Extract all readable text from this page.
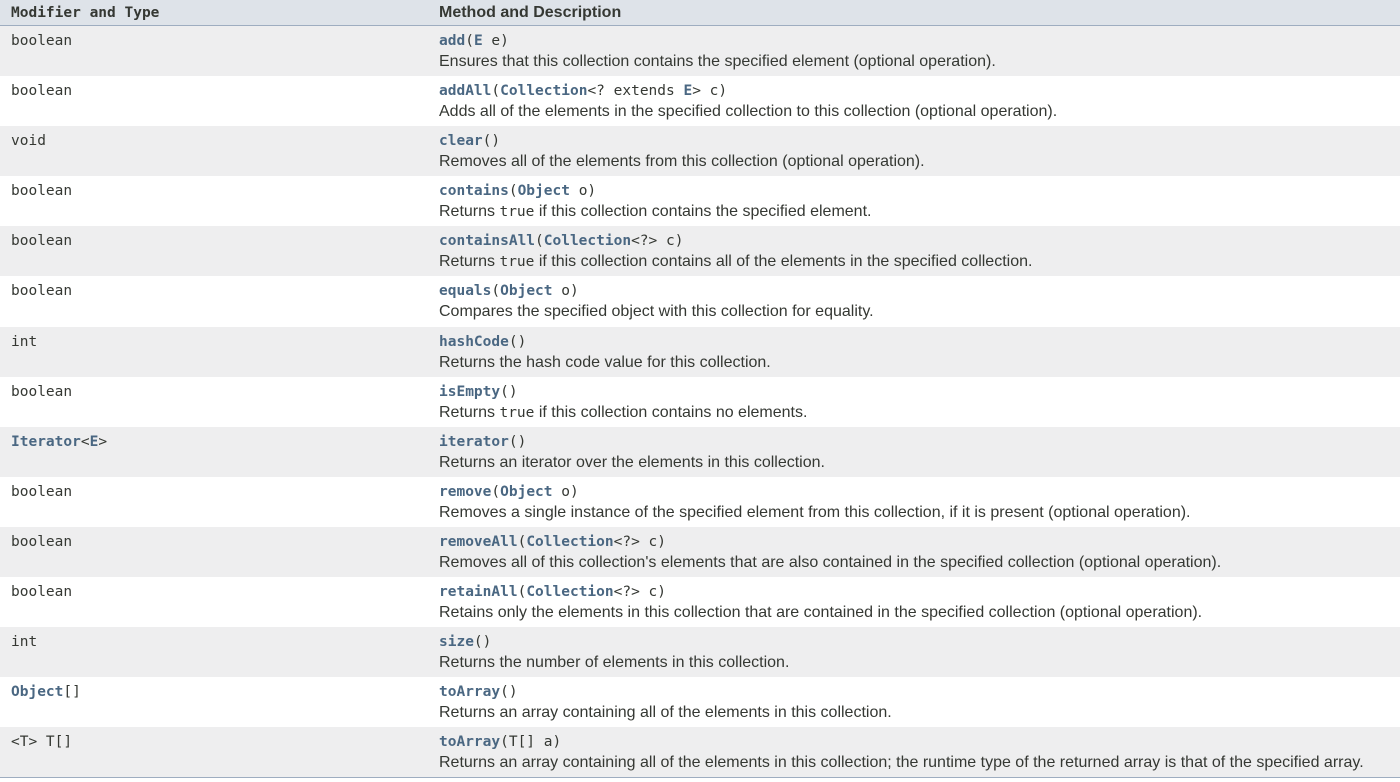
Modifier and Type	Method and Description
boolean	add(E e)
Ensures that this collection contains the specified element (optional operation).
boolean	addAll(Collection<? extends E> c)
Adds all of the elements in the specified collection to this collection (optional operation).
void	clear()
Removes all of the elements from this collection (optional operation).
boolean	contains(Object o)
Returns true if this collection contains the specified element.
boolean	containsAll(Collection<?> c)
Returns true if this collection contains all of the elements in the specified collection.
boolean	equals(Object o)
Compares the specified object with this collection for equality.
int	hashCode()
Returns the hash code value for this collection.
boolean	isEmpty()
Returns true if this collection contains no elements.
Iterator<E>	iterator()
Returns an iterator over the elements in this collection.
boolean	remove(Object o)
Removes a single instance of the specified element from this collection, if it is present (optional operation).
boolean	removeAll(Collection<?> c)
Removes all of this collection's elements that are also contained in the specified collection (optional operation).
boolean	retainAll(Collection<?> c)
Retains only the elements in this collection that are contained in the specified collection (optional operation).
int	size()
Returns the number of elements in this collection.
Object[]	toArray()
Returns an array containing all of the elements in this collection.
<T> T[]	toArray(T[] a)
Returns an array containing all of the elements in this collection; the runtime type of the returned array is that of the specified array.
